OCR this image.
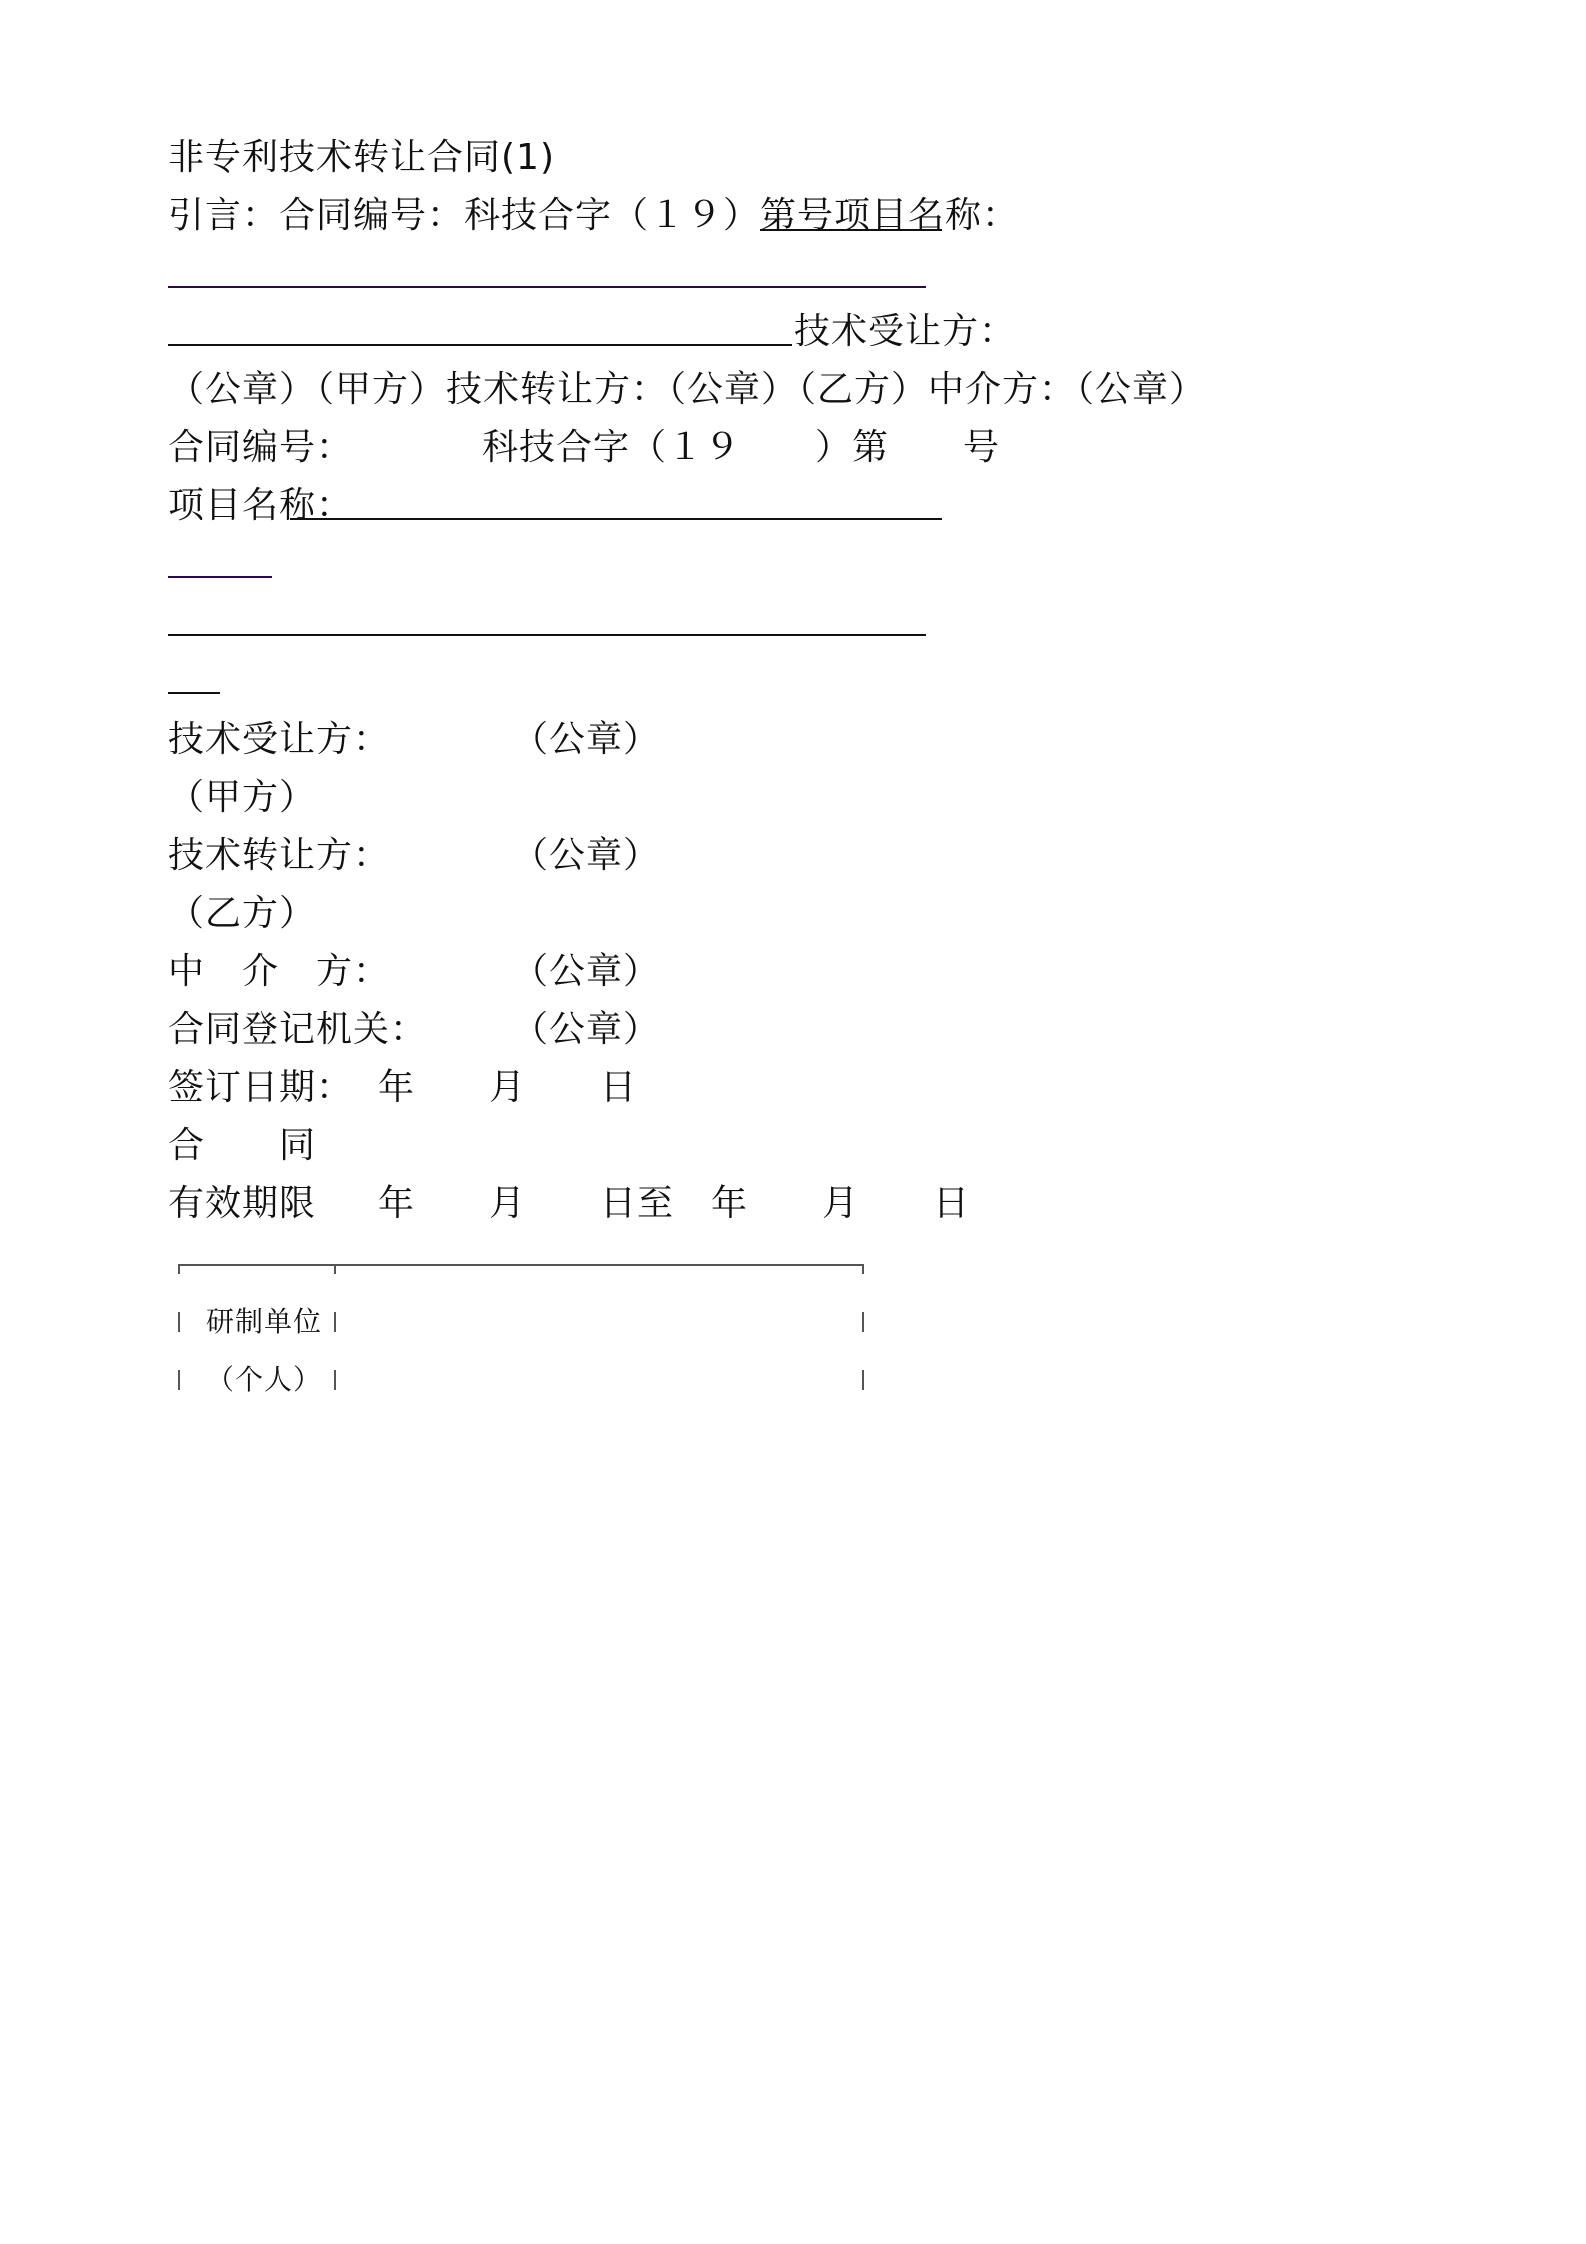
非专利技术转让合同(1)
引言：合同编号：科技合字（１９）第号项目名称：
技术受让方：
（公章）（甲方）技术转让方：（公章）（乙方）中介方：（公章）
合同编号：	科技合字（１９　　）第　　号
项目名称：
技术受让方：	（公章）
（甲方）
技术转让方：	（公章）
（乙方）
中　介　方：	（公章）
合同登记机关： （公章）
签订日期： 年　　月　　日
合　　同
有效期限 年　　月　　日至　年　　月　　日
研制单位
（个人）
